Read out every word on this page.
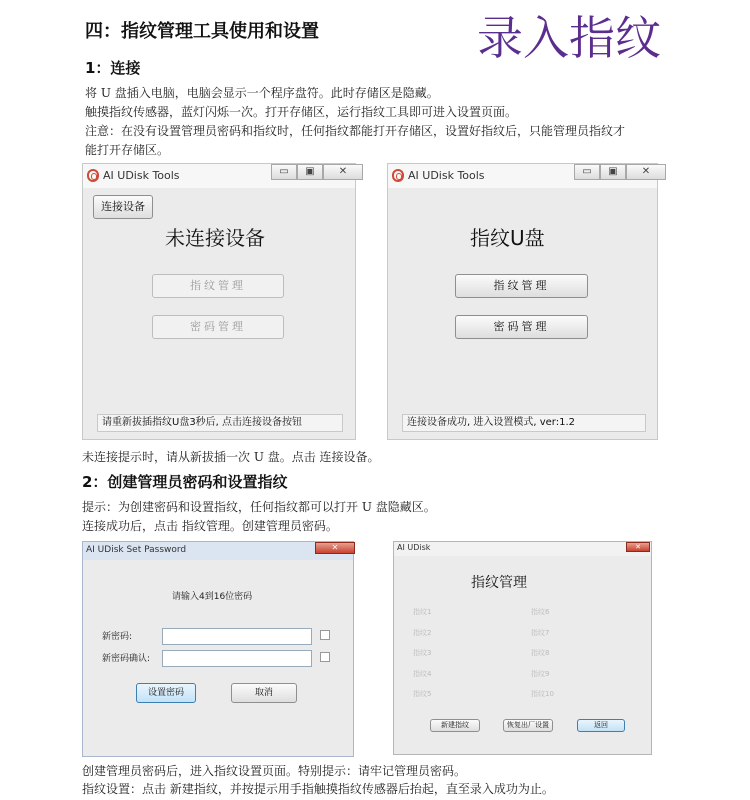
四：指纹管理工具使用和设置	录入指纹
1：连接
将 U 盘插入电脑，电脑会显示一个程序盘符。此时存储区是隐藏。
触摸指纹传感器，蓝灯闪烁一次。打开存储区，运行指纹工具即可进入设置页面。
注意：在没有设置管理员密码和指纹时，任何指纹都能打开存储区，设置好指纹后，只能管理员指纹才
能打开存储区。
AI UDisk Tools	▭	▣	✕
连接设备
未连接设备
指纹管理
密码管理
请重新拔插指纹U盘3秒后, 点击连接设备按钮
AI UDisk Tools	▭	▣	✕
指纹U盘
指纹管理
密码管理
连接设备成功, 进入设置模式, ver:1.2
未连接提示时，请从新拔插一次 U 盘。点击 连接设备。
2：创建管理员密码和设置指纹
提示：为创建密码和设置指纹，任何指纹都可以打开 U 盘隐藏区。
连接成功后，点击 指纹管理。创建管理员密码。
AI UDisk Set Password	✕
请输入4到16位密码
新密码:
新密码确认:
设置密码	取消
AI UDisk	✕
指纹管理
指纹1
指纹2
指纹3
指纹4
指纹5
指纹6
指纹7
指纹8
指纹9
指纹10
新建指纹	恢复出厂设置	返回
创建管理员密码后，进入指纹设置页面。特别提示：请牢记管理员密码。
指纹设置：点击 新建指纹，并按提示用手指触摸指纹传感器后抬起，直至录入成功为止。
